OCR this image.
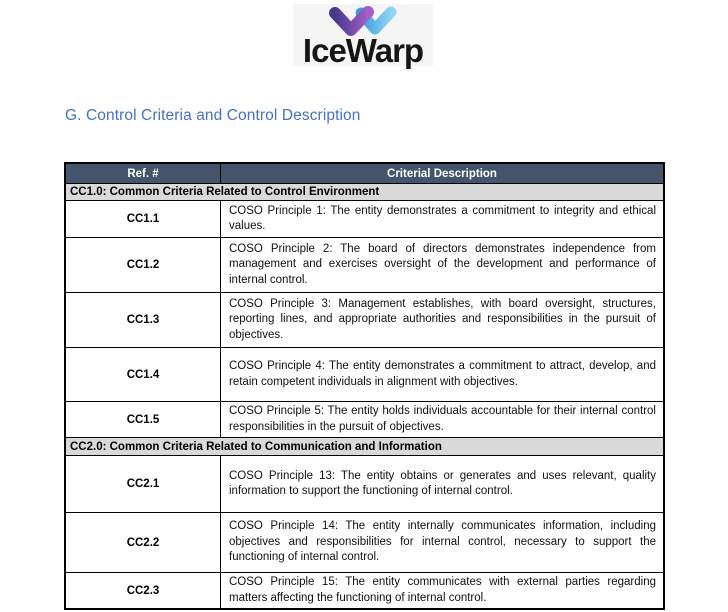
IceWarp
G. Control Criteria and Control Description
Ref. #	Criterial Description
CC1.0: Common Criteria Related to Control Environment	
CC1.1	COSO Principle 1: The entity demonstrates a commitment to integrity and ethical values.
CC1.2	COSO Principle 2: The board of directors demonstrates independence from management and exercises oversight of the development and performance of internal control.
CC1.3	COSO Principle 3: Management establishes, with board oversight, structures, reporting lines, and appropriate authorities and responsibilities in the pursuit of objectives.
CC1.4	COSO Principle 4: The entity demonstrates a commitment to attract, develop, and retain competent individuals in alignment with objectives.
CC1.5	COSO Principle 5: The entity holds individuals accountable for their internal control responsibilities in the pursuit of objectives.
CC2.0: Common Criteria Related to Communication and Information	
CC2.1	COSO Principle 13: The entity obtains or generates and uses relevant, quality information to support the functioning of internal control.
CC2.2	COSO Principle 14: The entity internally communicates information, including objectives and responsibilities for internal control, necessary to support the functioning of internal control.
CC2.3	COSO Principle 15: The entity communicates with external parties regarding matters affecting the functioning of internal control.
